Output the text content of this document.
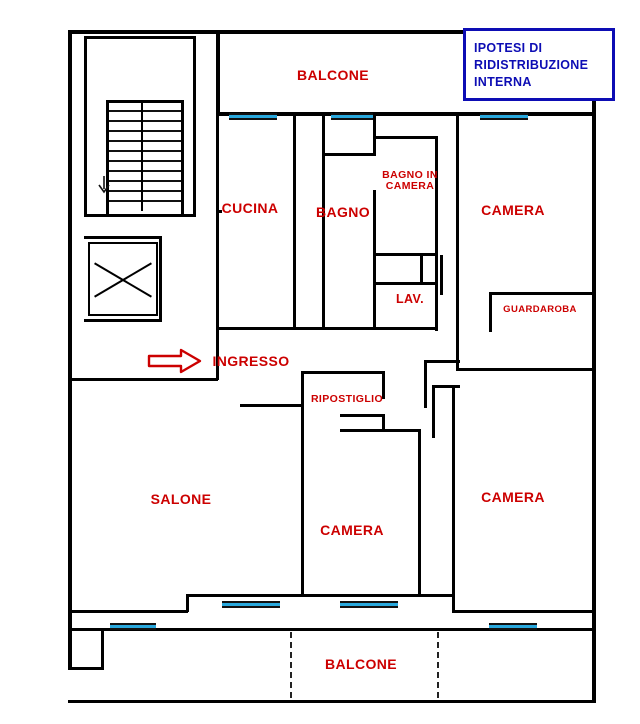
BALCONE
CUCINA	BAGNO
BAGNO IN CAMERA
CAMERA
LAV.
GUARDAROBA
INGRESSO
RIPOSTIGLIO
SALONE
CAMERA
CAMERA
BALCONE
IPOTESI DI
RIDISTRIBUZIONE
INTERNA
